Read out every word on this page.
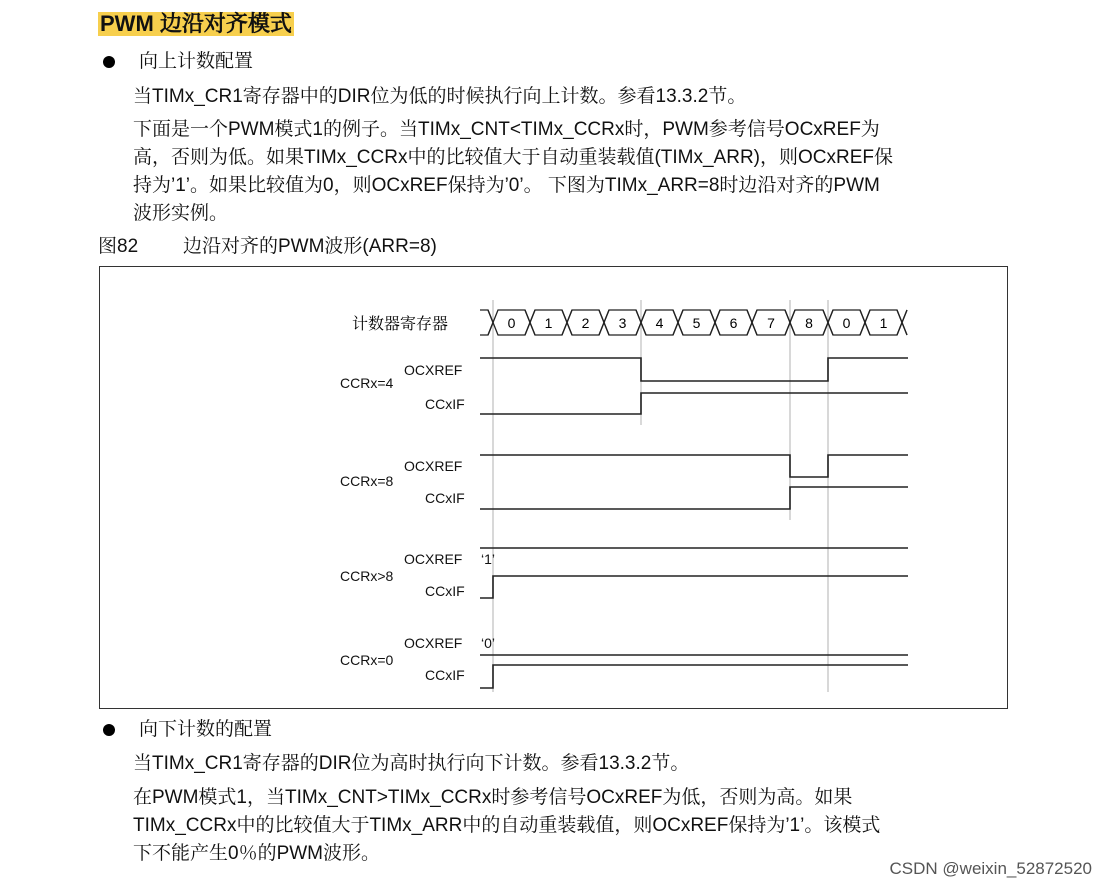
PWM 边沿对齐模式
向上计数配置
当TIMx_CR1寄存器中的DIR位为低的时候执行向上计数。参看13.3.2节。
下面是一个PWM模式1的例子。当TIMx_CNT<TIMx_CCRx时，PWM参考信号OCxREF为
高，否则为低。如果TIMx_CCRx中的比较值大于自动重装载值(TIMx_ARR)，则OCxREF保
持为’1’。如果比较值为0，则OCxREF保持为’0’。 下图为TIMx_ARR=8时边沿对齐的PWM
波形实例。
图82 边沿对齐的PWM波形(ARR=8)
0 1 2 3 4 5 6 7 8 0 1
计数器寄存器
OCXREF
CCRx=4
CCxIF
OCXREF
CCRx=8
CCxIF
OCXREF ‘1’
CCRx>8
CCxIF
OCXREF ‘0’
CCRx=0
CCxIF
向下计数的配置
当TIMx_CR1寄存器的DIR位为高时执行向下计数。参看13.3.2节。
在PWM模式1，当TIMx_CNT>TIMx_CCRx时参考信号OCxREF为低，否则为高。如果
TIMx_CCRx中的比较值大于TIMx_ARR中的自动重装载值，则OCxREF保持为’1’。该模式
下不能产生0％的PWM波形。
CSDN @weixin_52872520
